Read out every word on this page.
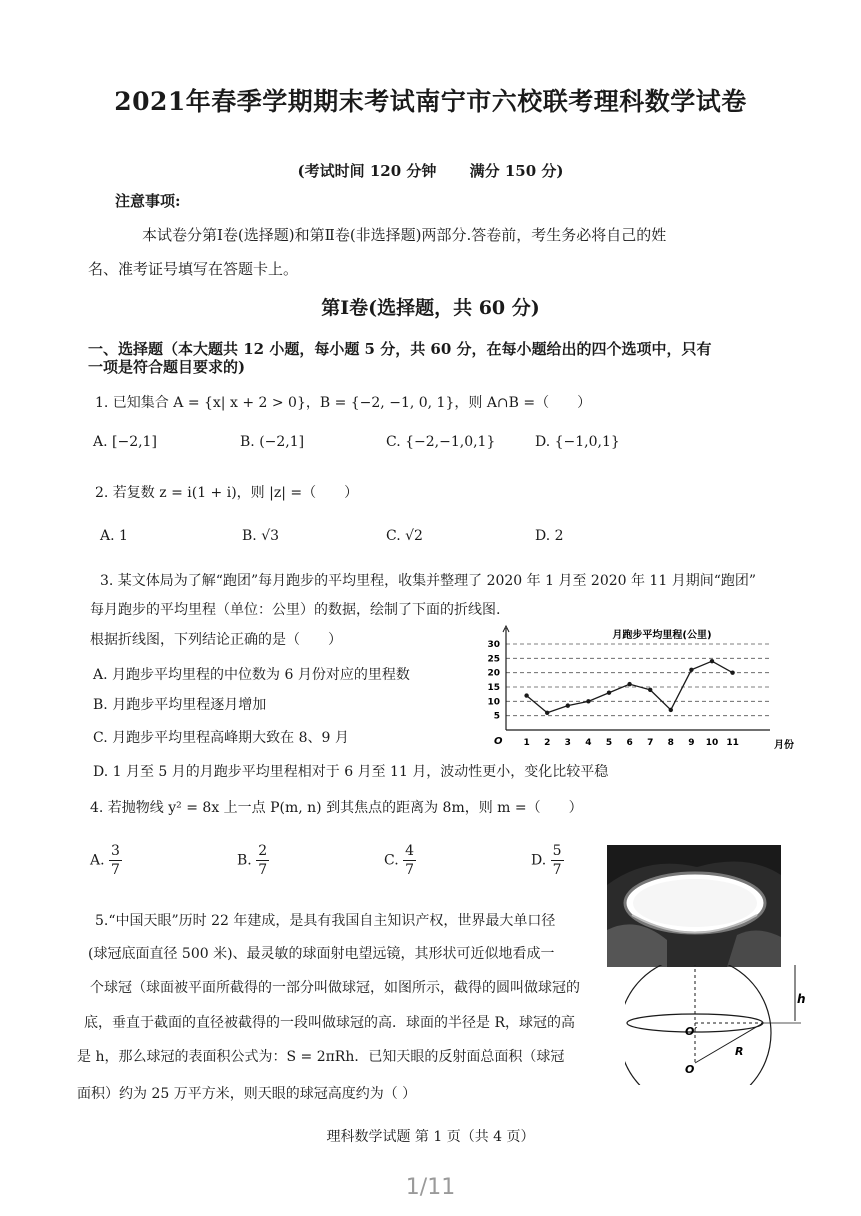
2021年春季学期期末考试南宁市六校联考理科数学试卷
(考试时间 120 分钟 满分 150 分)
注意事项:
本试卷分第Ⅰ卷(选择题)和第Ⅱ卷(非选择题)两部分.答卷前，考生务必将自己的姓
名、准考证号填写在答题卡上。
第Ⅰ卷(选择题，共 60 分)
一、选择题（本大题共 12 小题，每小题 5 分，共 60 分，在每小题给出的四个选项中，只有
一项是符合题目要求的)
1. 已知集合 A = {x| x + 2 > 0}，B = {−2, −1, 0, 1}，则 A∩B =（　　）
A. [−2,1]	B. (−2,1]	C. {−2,−1,0,1}	D. {−1,0,1}
2. 若复数 z = i(1 + i)，则 |z| =（　　）
A. 1	B. √3	C. √2	D. 2
3. 某文体局为了解“跑团”每月跑步的平均里程，收集并整理了 2020 年 1 月至 2020 年 11 月期间“跑团”
每月跑步的平均里程（单位：公里）的数据，绘制了下面的折线图.
根据折线图，下列结论正确的是（　　）
A. 月跑步平均里程的中位数为 6 月份对应的里程数
B. 月跑步平均里程逐月增加
C. 月跑步平均里程高峰期大致在 8、9 月
D. 1 月至 5 月的月跑步平均里程相对于 6 月至 11 月，波动性更小，变化比较平稳
月跑步平均里程(公里)
5
10
15
20
25
30
O 1 2 3 4 5 6 7 8 9 10 11	月份
4. 若抛物线 y² = 8x 上一点 P(m, n) 到其焦点的距离为 8m，则 m =（　　）
A. $\frac{3}{7}$	B. $\frac{2}{7}$	C. $\frac{4}{7}$	D. $\frac{5}{7}$
5.“中国天眼”历时 22 年建成，是具有我国自主知识产权，世界最大单口径
(球冠底面直径 500 米)、最灵敏的球面射电望远镜，其形状可近似地看成一
个球冠（球面被平面所截得的一部分叫做球冠，如图所示，截得的圆叫做球冠的
底，垂直于截面的直径被截得的一段叫做球冠的高．球面的半径是 R，球冠的高
是 h，那么球冠的表面积公式为：S = 2πRh．已知天眼的反射面总面积（球冠
面积）约为 25 万平方米，则天眼的球冠高度约为（ ）
h
O′
R
O
理科数学试题 第 1 页（共 4 页）
1/11
